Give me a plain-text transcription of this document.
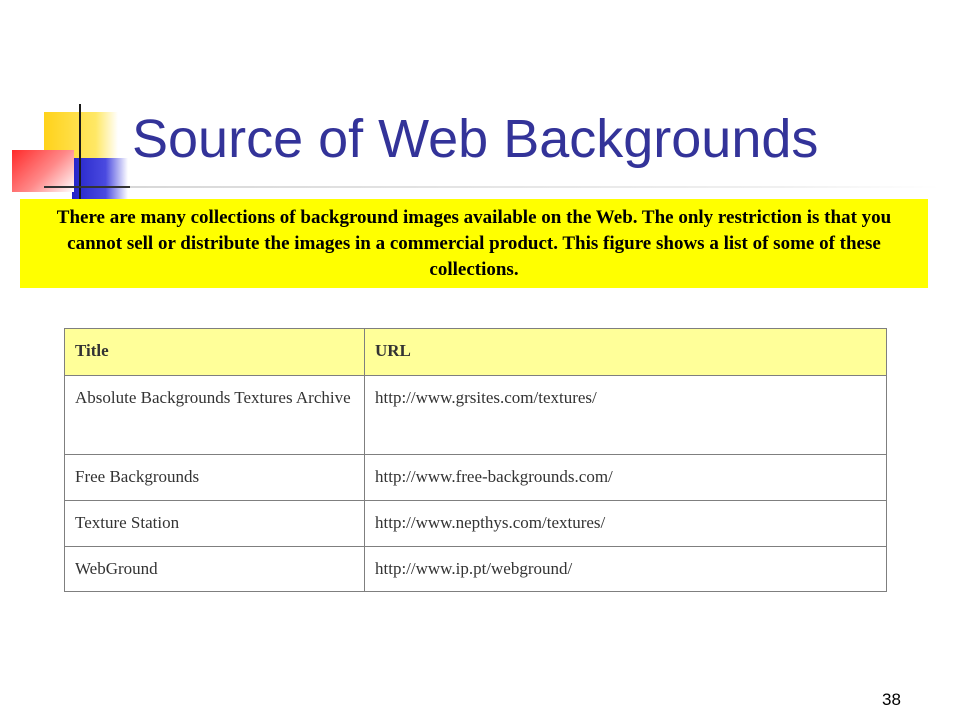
Source of Web Backgrounds
There are many collections of background images available on the Web. The only restriction is that you cannot sell or distribute the images in a commercial product. This figure shows a list of some of these collections.
Title	URL
Absolute Backgrounds Textures Archive	http://www.grsites.com/textures/
Free Backgrounds	http://www.free-backgrounds.com/
Texture Station	http://www.nepthys.com/textures/
WebGround	http://www.ip.pt/webground/
38
